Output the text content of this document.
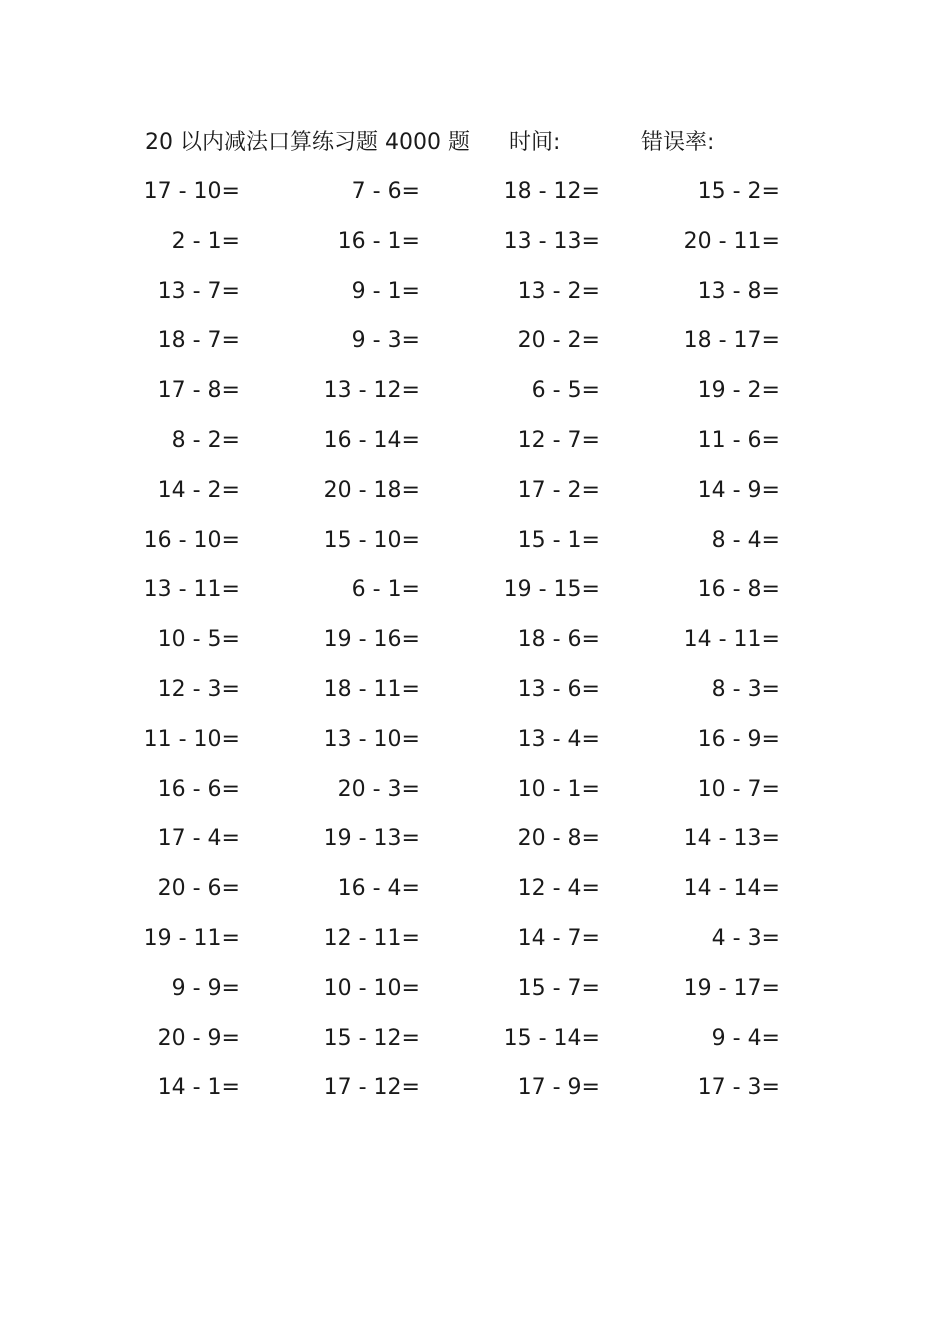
20 以内减法口算练习题 4000 题 时间:	错误率:
17 - 10=	7 - 6=	18 - 12=	15 - 2=
2 - 1=	16 - 1=	13 - 13=	20 - 11=
13 - 7=	9 - 1=	13 - 2=	13 - 8=
18 - 7=	9 - 3=	20 - 2=	18 - 17=
17 - 8=	13 - 12=	6 - 5=	19 - 2=
8 - 2=	16 - 14=	12 - 7=	11 - 6=
14 - 2=	20 - 18=	17 - 2=	14 - 9=
16 - 10=	15 - 10=	15 - 1=	8 - 4=
13 - 11=	6 - 1=	19 - 15=	16 - 8=
10 - 5=	19 - 16=	18 - 6=	14 - 11=
12 - 3=	18 - 11=	13 - 6=	8 - 3=
11 - 10=	13 - 10=	13 - 4=	16 - 9=
16 - 6=	20 - 3=	10 - 1=	10 - 7=
17 - 4=	19 - 13=	20 - 8=	14 - 13=
20 - 6=	16 - 4=	12 - 4=	14 - 14=
19 - 11=	12 - 11=	14 - 7=	4 - 3=
9 - 9=	10 - 10=	15 - 7=	19 - 17=
20 - 9=	15 - 12=	15 - 14=	9 - 4=
14 - 1=	17 - 12=	17 - 9=	17 - 3=
